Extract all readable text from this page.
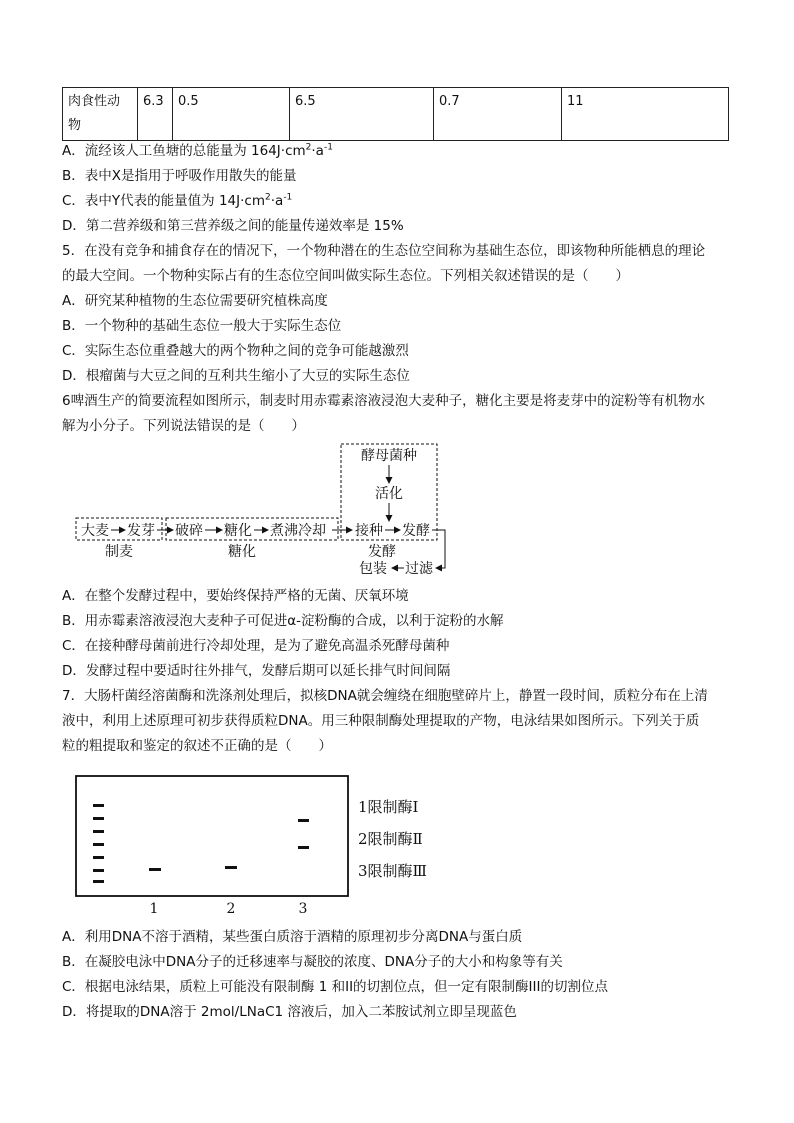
肉食性动物	6.3	0.5	6.5	0.7	11
A．流经该人工鱼塘的总能量为 $164J\cdot cm^2\cdot a^{-1}$
B．表中X是指用于呼吸作用散失的能量
C．表中Y代表的能量值为 $14J\cdot cm^2\cdot a^{-1}$
D．第二营养级和第三营养级之间的能量传递效率是 15%
5．在没有竞争和捕食存在的情况下，一个物种潜在的生态位空间称为基础生态位，即该物种所能栖息的理论
的最大空间。一个物种实际占有的生态位空间叫做实际生态位。下列相关叙述错误的是（　　）
A．研究某种植物的生态位需要研究植株高度
B．一个物种的基础生态位一般大于实际生态位
C．实际生态位重叠越大的两个物种之间的竞争可能越激烈
D．根瘤菌与大豆之间的互利共生缩小了大豆的实际生态位
6啤酒生产的简要流程如图所示，制麦时用赤霉素溶液浸泡大麦种子，糖化主要是将麦芽中的淀粉等有机物水
解为小分子。下列说法错误的是（　　）
酵母菌种
活化
大麦 发芽 破碎 糖化 煮沸冷却 接种 发酵
过滤
包装
制麦	糖化	发酵
A．在整个发酵过程中，要始终保持严格的无菌、厌氧环境
B．用赤霉素溶液浸泡大麦种子可促进α-淀粉酶的合成，以利于淀粉的水解
C．在接种酵母菌前进行冷却处理，是为了避免高温杀死酵母菌种
D．发酵过程中要适时往外排气，发酵后期可以延长排气时间间隔
7．大肠杆菌经溶菌酶和洗涤剂处理后，拟核DNA就会缠绕在细胞壁碎片上，静置一段时间，质粒分布在上清
液中，利用上述原理可初步获得质粒DNA。用三种限制酶处理提取的产物，电泳结果如图所示。下列关于质
粒的粗提取和鉴定的叙述不正确的是（　　）
1	2	3
1限制酶Ⅰ
2限制酶Ⅱ
3限制酶Ⅲ
A．利用DNA不溶于酒精，某些蛋白质溶于酒精的原理初步分离DNA与蛋白质
B．在凝胶电泳中DNA分子的迁移速率与凝胶的浓度、DNA分子的大小和构象等有关
C．根据电泳结果，质粒上可能没有限制酶 1 和II的切割位点，但一定有限制酶III的切割位点
D．将提取的DNA溶于 2mol/LNaC1 溶液后，加入二苯胺试剂立即呈现蓝色
